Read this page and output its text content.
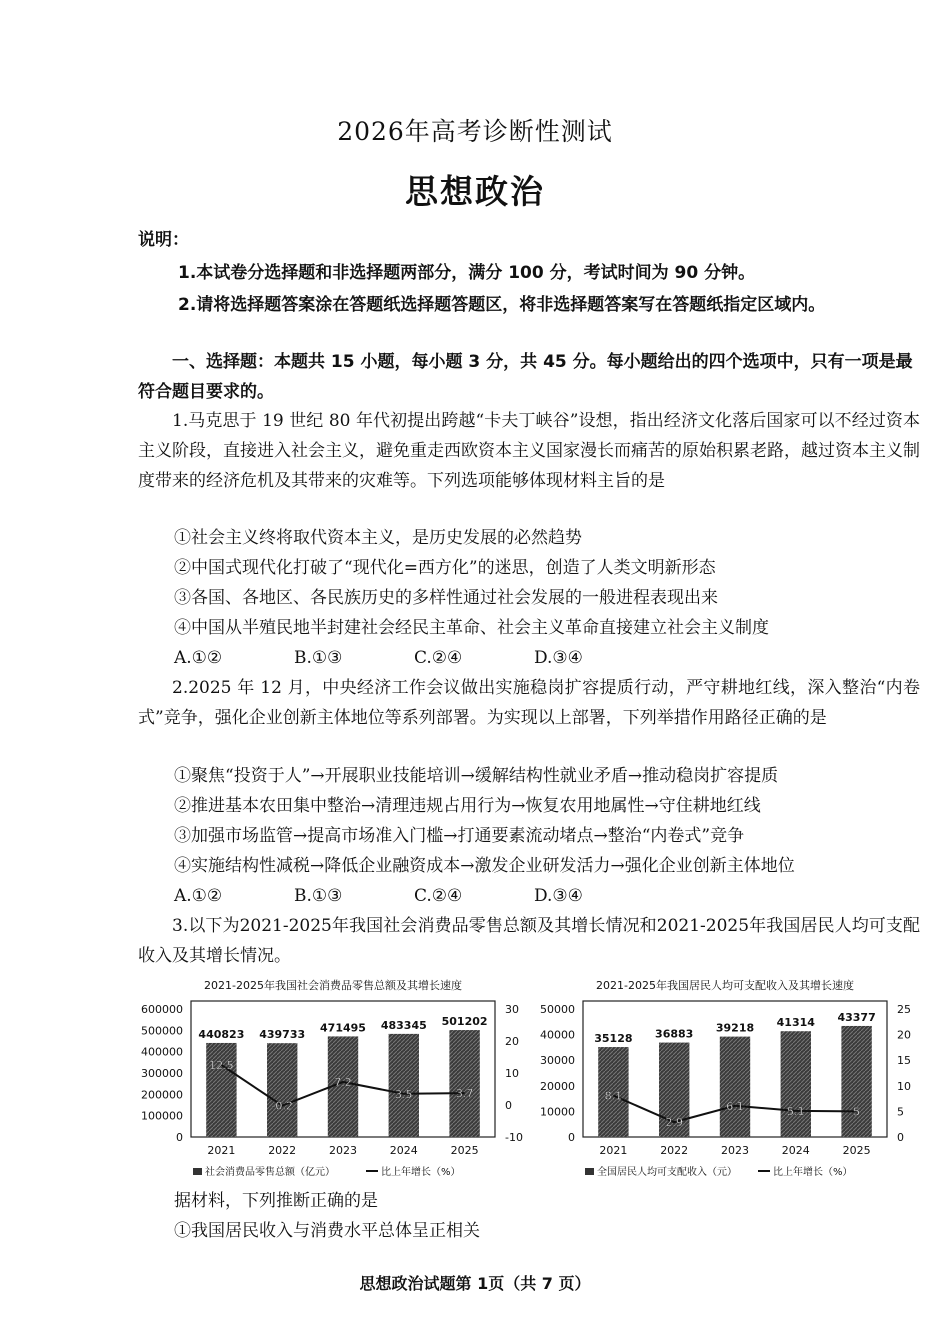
2026年高考诊断性测试
思想政治
说明：
1.本试卷分选择题和非选择题两部分，满分 100 分，考试时间为 90 分钟。
2.请将选择题答案涂在答题纸选择题答题区，将非选择题答案写在答题纸指定区域内。
一、选择题：本题共 15 小题，每小题 3 分，共 45 分。每小题给出的四个选项中，只有一项是最符合题目要求的。
1.马克思于 19 世纪 80 年代初提出跨越“卡夫丁峡谷”设想，指出经济文化落后国家可以不经过资本主义阶段，直接进入社会主义，避免重走西欧资本主义国家漫长而痛苦的原始积累老路，越过资本主义制度带来的经济危机及其带来的灾难等。下列选项能够体现材料主旨的是
①社会主义终将取代资本主义，是历史发展的必然趋势
②中国式现代化打破了“现代化=西方化”的迷思，创造了人类文明新形态
③各国、各地区、各民族历史的多样性通过社会发展的一般进程表现出来
④中国从半殖民地半封建社会经民主革命、社会主义革命直接建立社会主义制度
A.①②	B.①③	C.②④	D.③④
2.2025 年 12 月，中央经济工作会议做出实施稳岗扩容提质行动，严守耕地红线，深入整治“内卷式”竞争，强化企业创新主体地位等系列部署。为实现以上部署，下列举措作用路径正确的是
①聚焦“投资于人”→开展职业技能培训→缓解结构性就业矛盾→推动稳岗扩容提质
②推进基本农田集中整治→清理违规占用行为→恢复农用地属性→守住耕地红线
③加强市场监管→提高市场准入门槛→打通要素流动堵点→整治“内卷式”竞争
④实施结构性减税→降低企业融资成本→激发企业研发活力→强化企业创新主体地位
A.①②	B.①③	C.②④	D.③④
3.以下为2021-2025年我国社会消费品零售总额及其增长情况和2021-2025年我国居民人均可支配收入及其增长情况。
2021-2025年我国社会消费品零售总额及其增长速度
600000
500000
400000
300000
200000
100000
0
30
20
10
0
-10
440823
2021
439733
2022
471495
2023
483345
2024
501202
2025
12.5
-0.2
7.2
3.5	3.7
社会消费品零售总额（亿元）	比上年增长（%）
2021-2025年我国居民人均可支配收入及其增长速度
50000
40000
30000
20000
10000
0
25
20
15
10
5
0
35128
2021
36883
2022
39218
2023
41314
2024
43377
2025
8.1
2.9
6.1	5.1	5
全国居民人均可支配收入（元）	比上年增长（%）
据材料，下列推断正确的是
①我国居民收入与消费水平总体呈正相关
思想政治试题第 1页（共 7 页）
